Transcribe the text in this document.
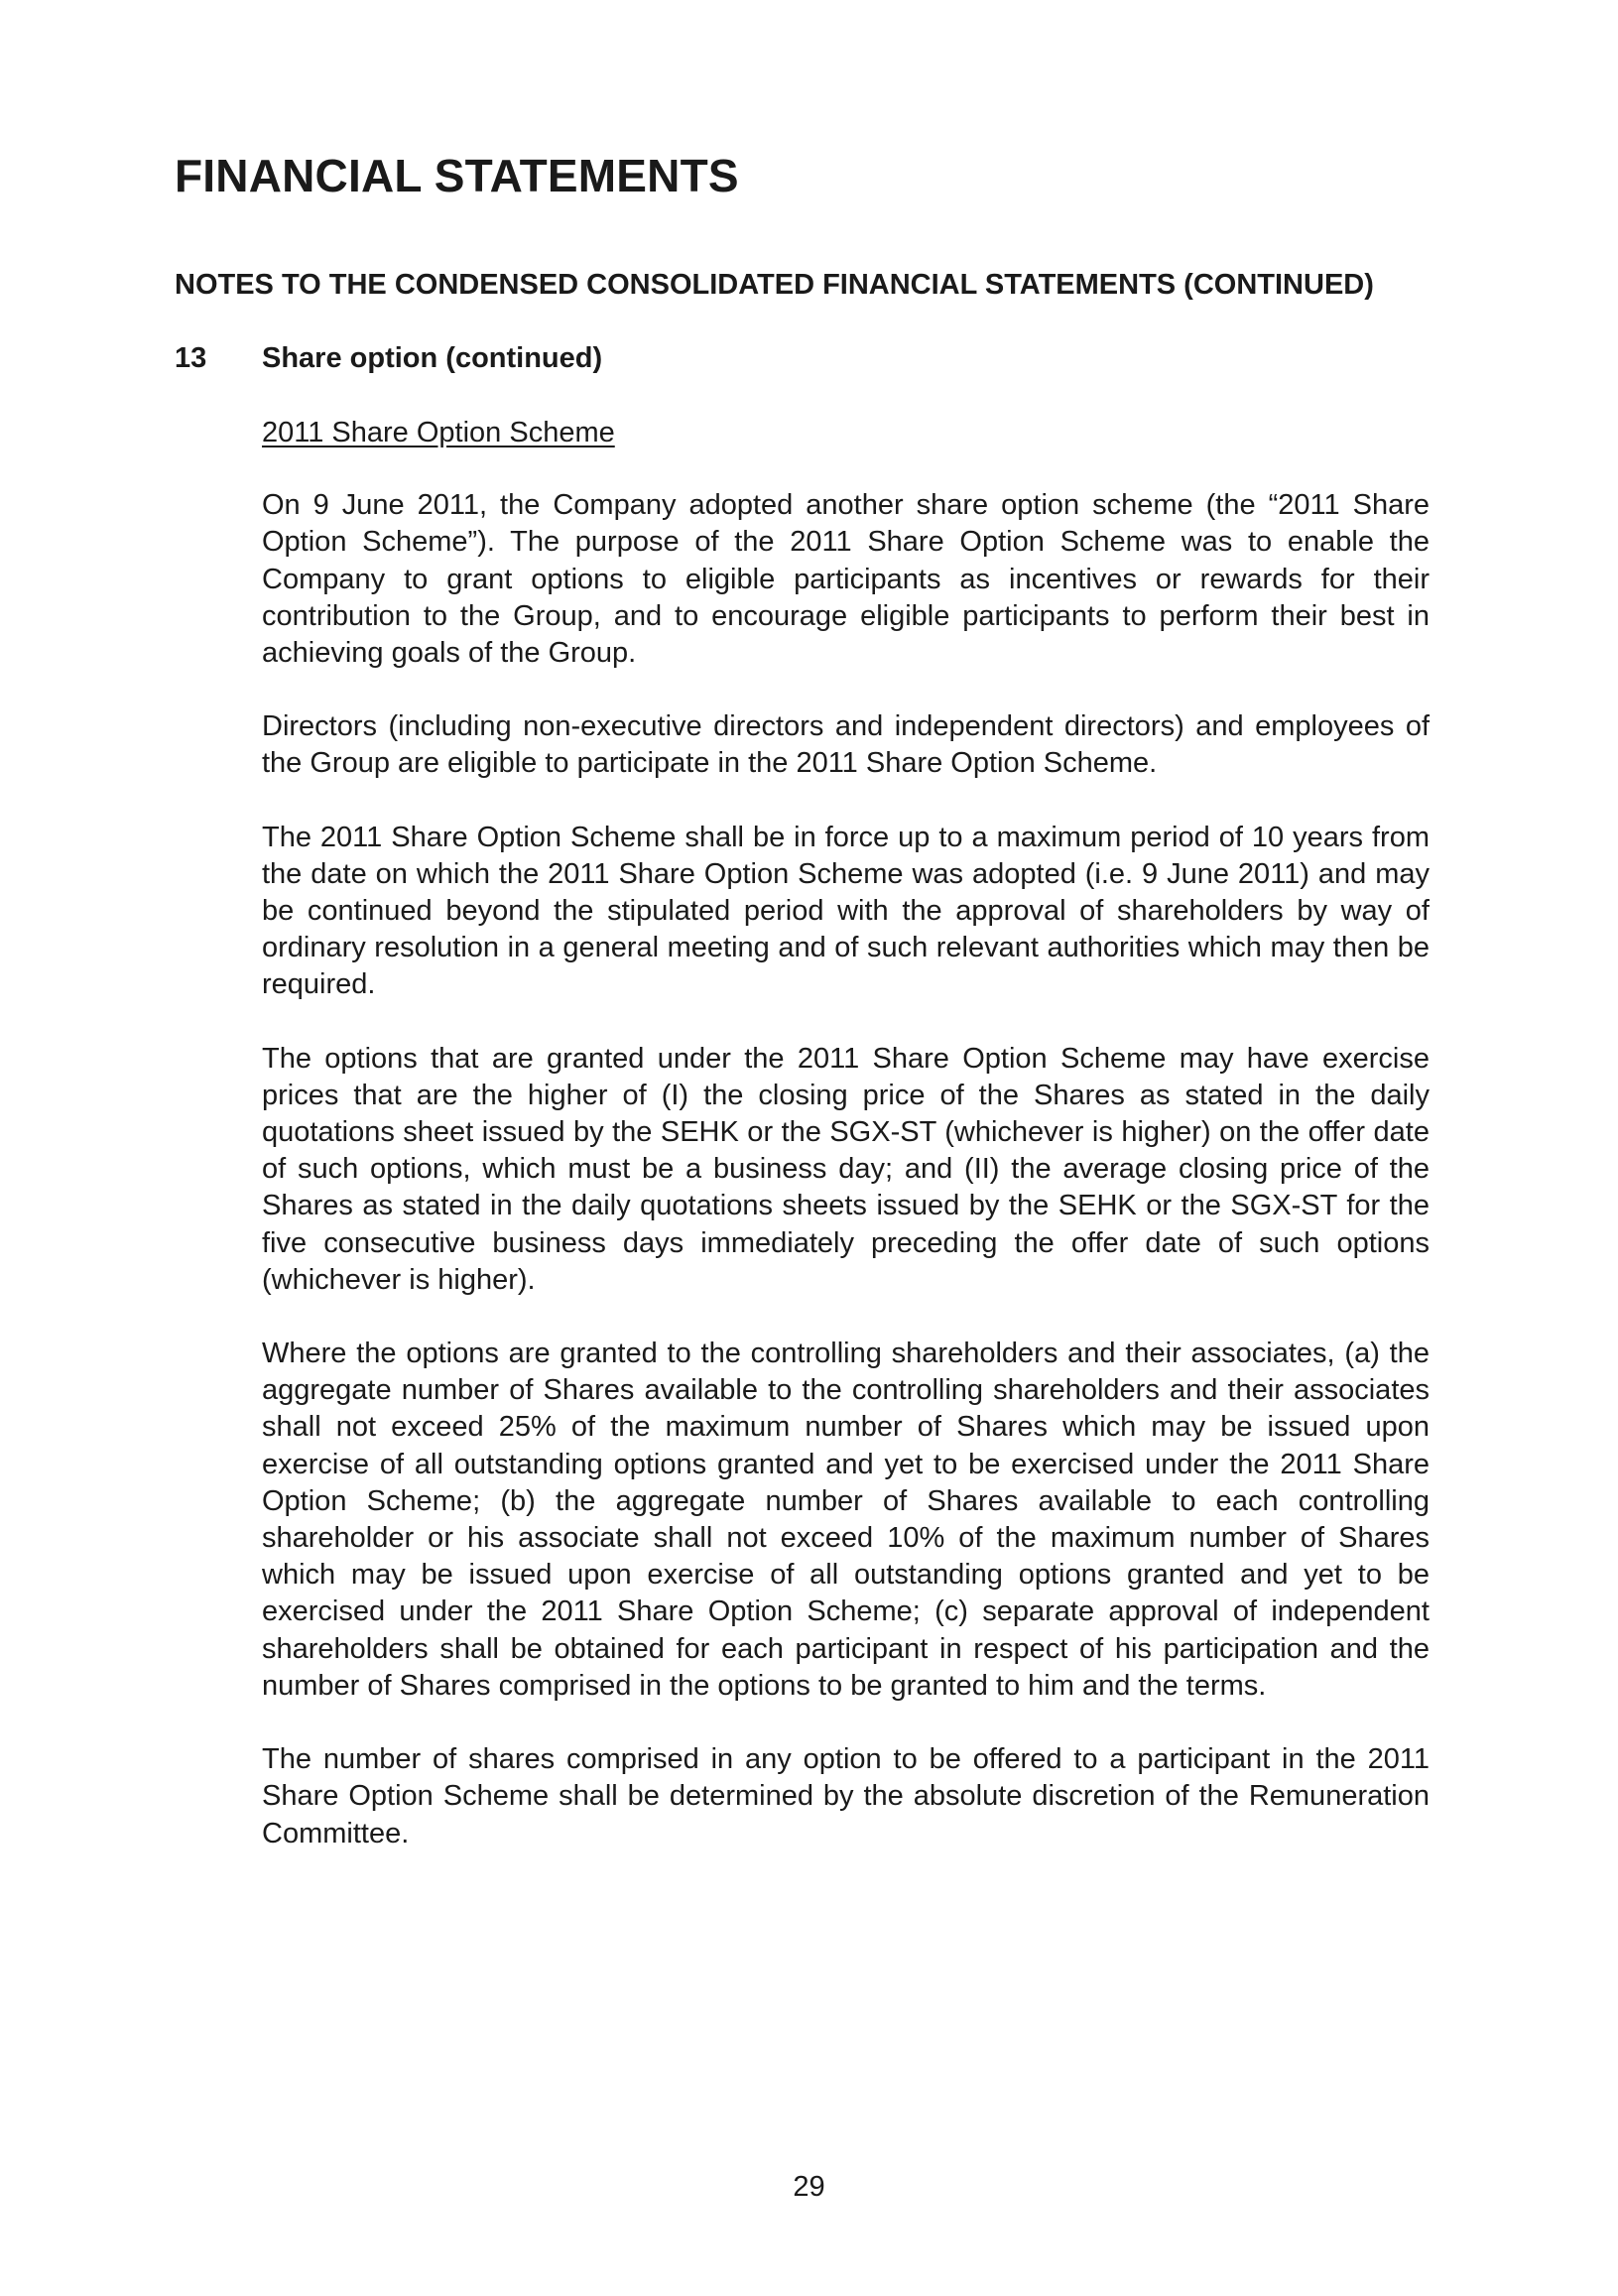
FINANCIAL STATEMENTS
NOTES TO THE CONDENSED CONSOLIDATED FINANCIAL STATEMENTS (CONTINUED)
13	Share option (continued)

2011 Share Option Scheme

On 9 June 2011, the Company adopted another share option scheme (the “2011 Share Option Scheme”). The purpose of the 2011 Share Option Scheme was to enable the Company to grant options to eligible participants as incentives or rewards for their contribution to the Group, and to encourage eligible participants to perform their best in achieving goals of the Group.

Directors (including non-executive directors and independent directors) and employees of the Group are eligible to participate in the 2011 Share Option Scheme.

The 2011 Share Option Scheme shall be in force up to a maximum period of 10 years from the date on which the 2011 Share Option Scheme was adopted (i.e. 9 June 2011) and may be continued beyond the stipulated period with the approval of shareholders by way of ordinary resolution in a general meeting and of such relevant authorities which may then be required.

The options that are granted under the 2011 Share Option Scheme may have exercise prices that are the higher of (I) the closing price of the Shares as stated in the daily quotations sheet issued by the SEHK or the SGX-ST (whichever is higher) on the offer date of such options, which must be a business day; and (II) the average closing price of the Shares as stated in the daily quotations sheets issued by the SEHK or the SGX-ST for the five consecutive business days immediately preceding the offer date of such options (whichever is higher).

Where the options are granted to the controlling shareholders and their associates, (a) the aggregate number of Shares available to the controlling shareholders and their associates shall not exceed 25% of the maximum number of Shares which may be issued upon exercise of all outstanding options granted and yet to be exercised under the 2011 Share Option Scheme; (b) the aggregate number of Shares available to each controlling shareholder or his associate shall not exceed 10% of the maximum number of Shares which may be issued upon exercise of all outstanding options granted and yet to be exercised under the 2011 Share Option Scheme; (c) separate approval of independent shareholders shall be obtained for each participant in respect of his participation and the number of Shares comprised in the options to be granted to him and the terms.

The number of shares comprised in any option to be offered to a participant in the 2011 Share Option Scheme shall be determined by the absolute discretion of the Remuneration Committee.

29
